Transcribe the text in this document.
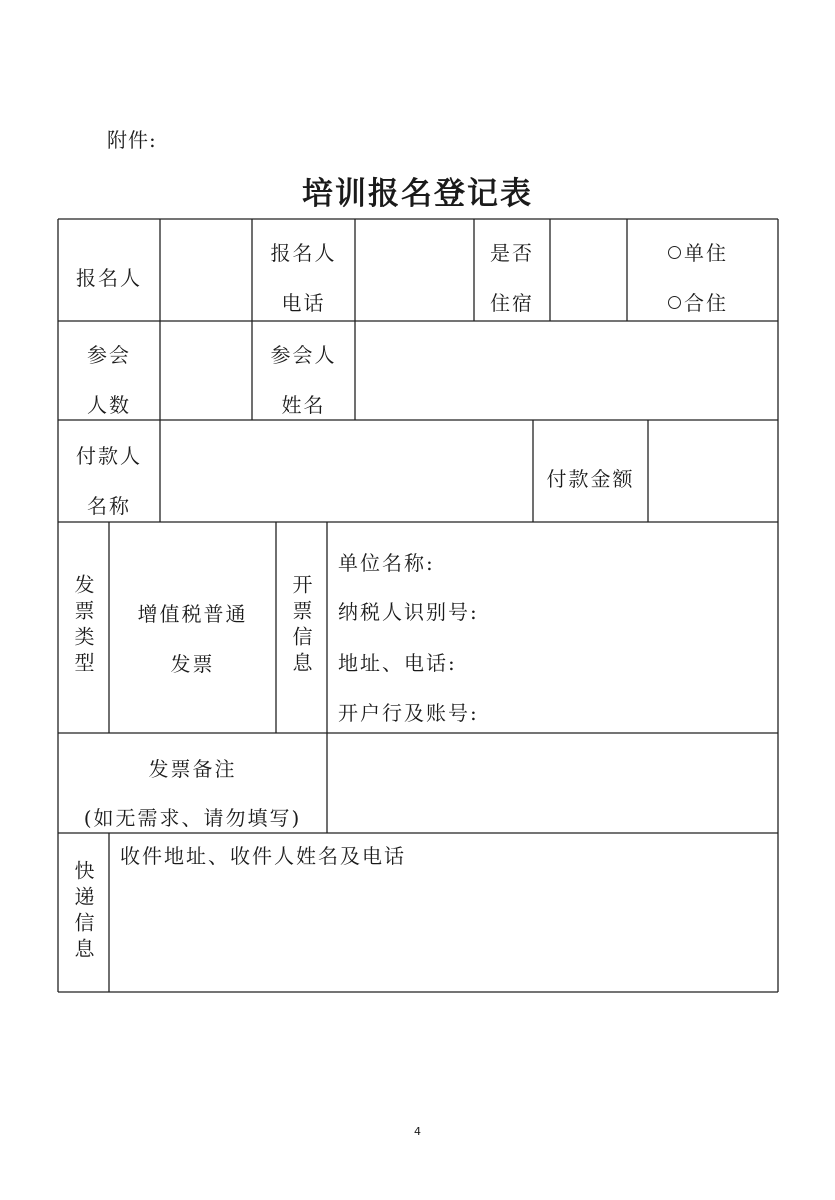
附件:
培训报名登记表
报名人
报名人
电话
是否
住宿
单住
合住
参会
人数
参会人
姓名
付款人
名称
付款金额
发票类型	增值税普通
发票	开票信息
单位名称:
纳税人识别号:
地址、电话:
开户行及账号:
发票备注
(如无需求、请勿填写)
快递信息
收件地址、收件人姓名及电话
4
